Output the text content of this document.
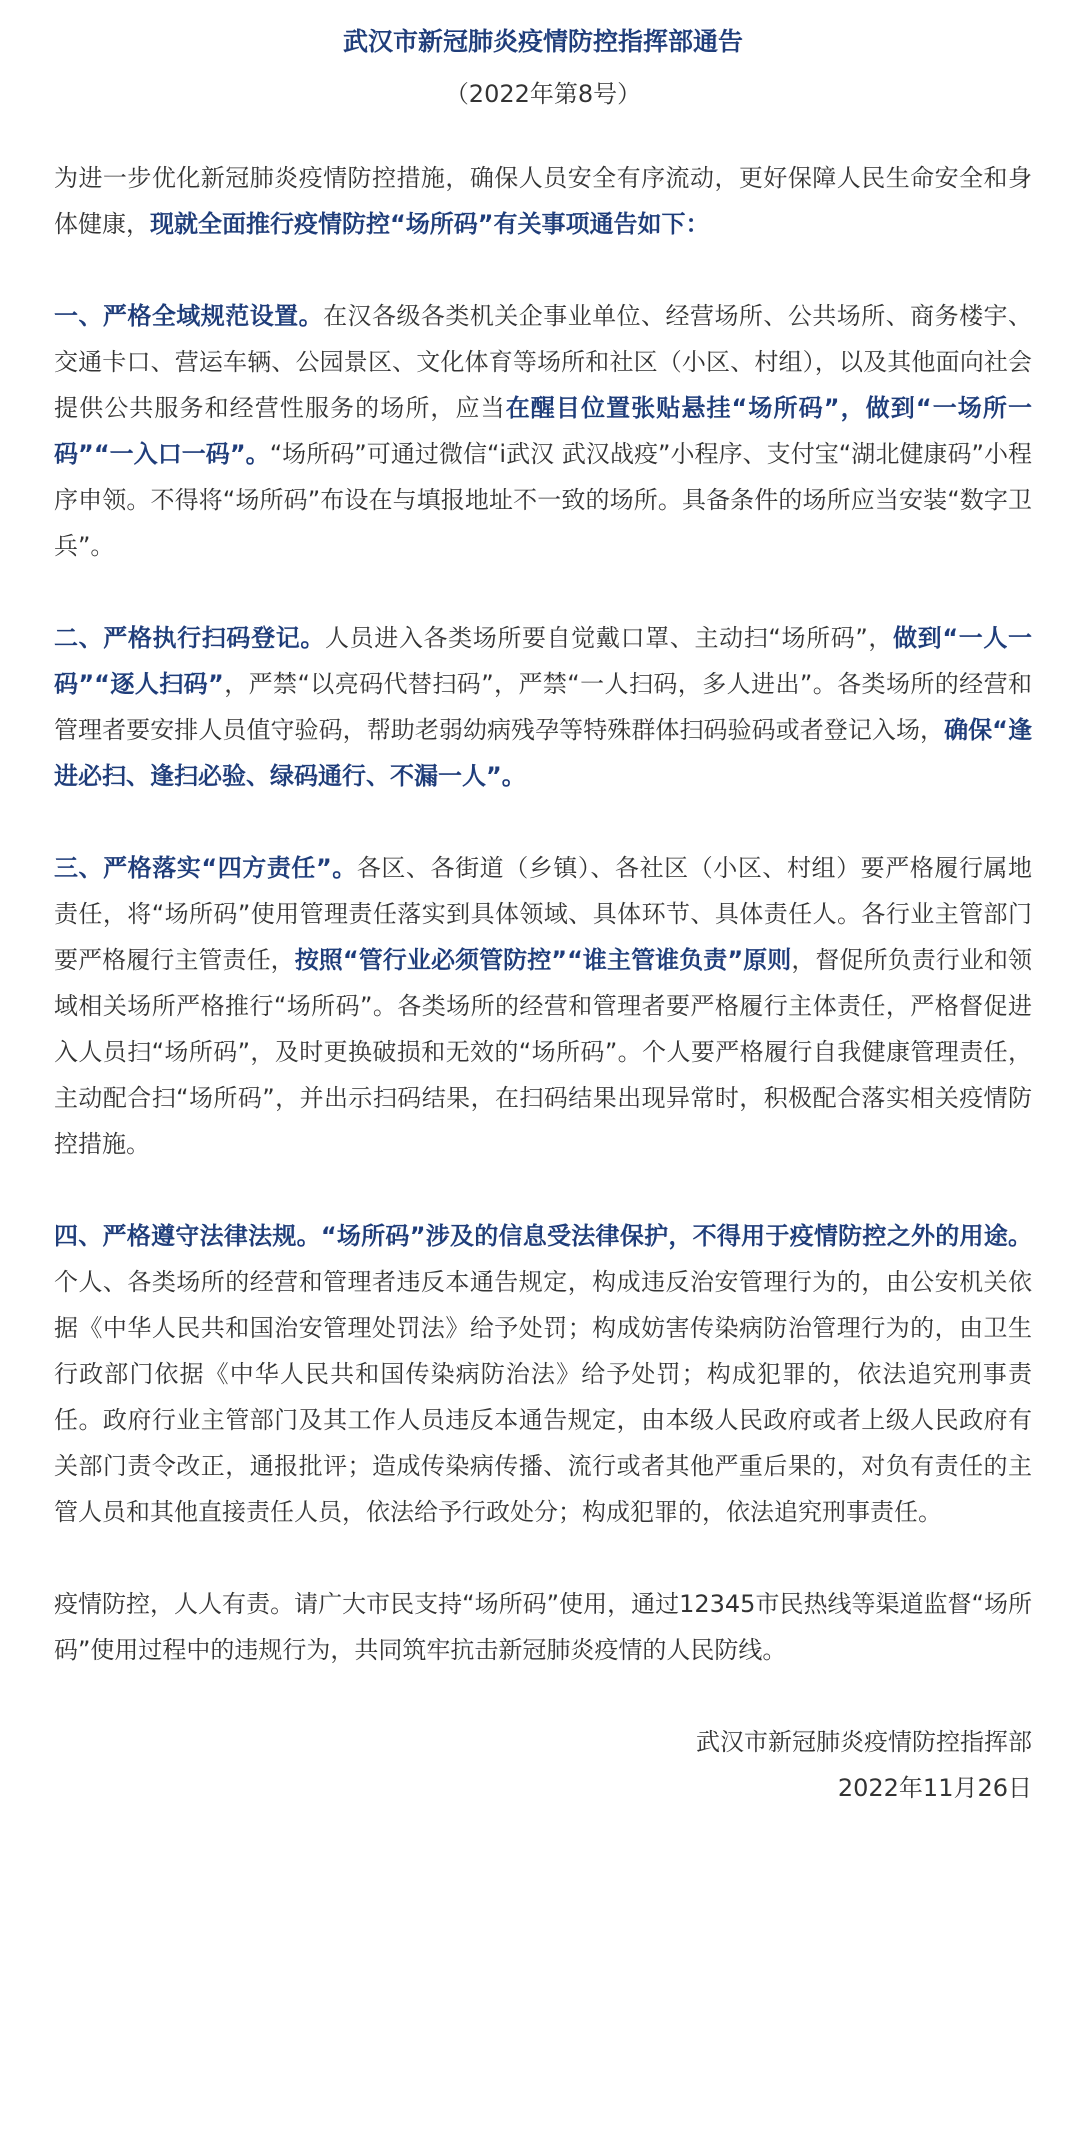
武汉市新冠肺炎疫情防控指挥部通告
（2022年第8号）

为进一步优化新冠肺炎疫情防控措施，确保人员安全有序流动，更好保障人民生命安全和身体健康，现就全面推行疫情防控“场所码”有关事项通告如下：

一、严格全域规范设置。在汉各级各类机关企事业单位、经营场所、公共场所、商务楼宇、交通卡口、营运车辆、公园景区、文化体育等场所和社区（小区、村组），以及其他面向社会提供公共服务和经营性服务的场所，应当在醒目位置张贴悬挂“场所码”，做到“一场所一码”“一入口一码”。“场所码”可通过微信“i武汉 武汉战疫”小程序、支付宝“湖北健康码”小程序申领。不得将“场所码”布设在与填报地址不一致的场所。具备条件的场所应当安装“数字卫兵”。

二、严格执行扫码登记。人员进入各类场所要自觉戴口罩、主动扫“场所码”，做到“一人一码”“逐人扫码”，严禁“以亮码代替扫码”，严禁“一人扫码，多人进出”。各类场所的经营和管理者要安排人员值守验码，帮助老弱幼病残孕等特殊群体扫码验码或者登记入场，确保“逢进必扫、逢扫必验、绿码通行、不漏一人”。

三、严格落实“四方责任”。各区、各街道（乡镇）、各社区（小区、村组）要严格履行属地责任，将“场所码”使用管理责任落实到具体领域、具体环节、具体责任人。各行业主管部门要严格履行主管责任，按照“管行业必须管防控”“谁主管谁负责”原则，督促所负责行业和领域相关场所严格推行“场所码”。各类场所的经营和管理者要严格履行主体责任，严格督促进入人员扫“场所码”，及时更换破损和无效的“场所码”。个人要严格履行自我健康管理责任，主动配合扫“场所码”，并出示扫码结果，在扫码结果出现异常时，积极配合落实相关疫情防控措施。

四、严格遵守法律法规。“场所码”涉及的信息受法律保护，不得用于疫情防控之外的用途。个人、各类场所的经营和管理者违反本通告规定，构成违反治安管理行为的，由公安机关依据《中华人民共和国治安管理处罚法》给予处罚；构成妨害传染病防治管理行为的，由卫生行政部门依据《中华人民共和国传染病防治法》给予处罚；构成犯罪的，依法追究刑事责任。政府行业主管部门及其工作人员违反本通告规定，由本级人民政府或者上级人民政府有关部门责令改正，通报批评；造成传染病传播、流行或者其他严重后果的，对负有责任的主管人员和其他直接责任人员，依法给予行政处分；构成犯罪的，依法追究刑事责任。

疫情防控，人人有责。请广大市民支持“场所码”使用，通过12345市民热线等渠道监督“场所码”使用过程中的违规行为，共同筑牢抗击新冠肺炎疫情的人民防线。

武汉市新冠肺炎疫情防控指挥部
2022年11月26日
